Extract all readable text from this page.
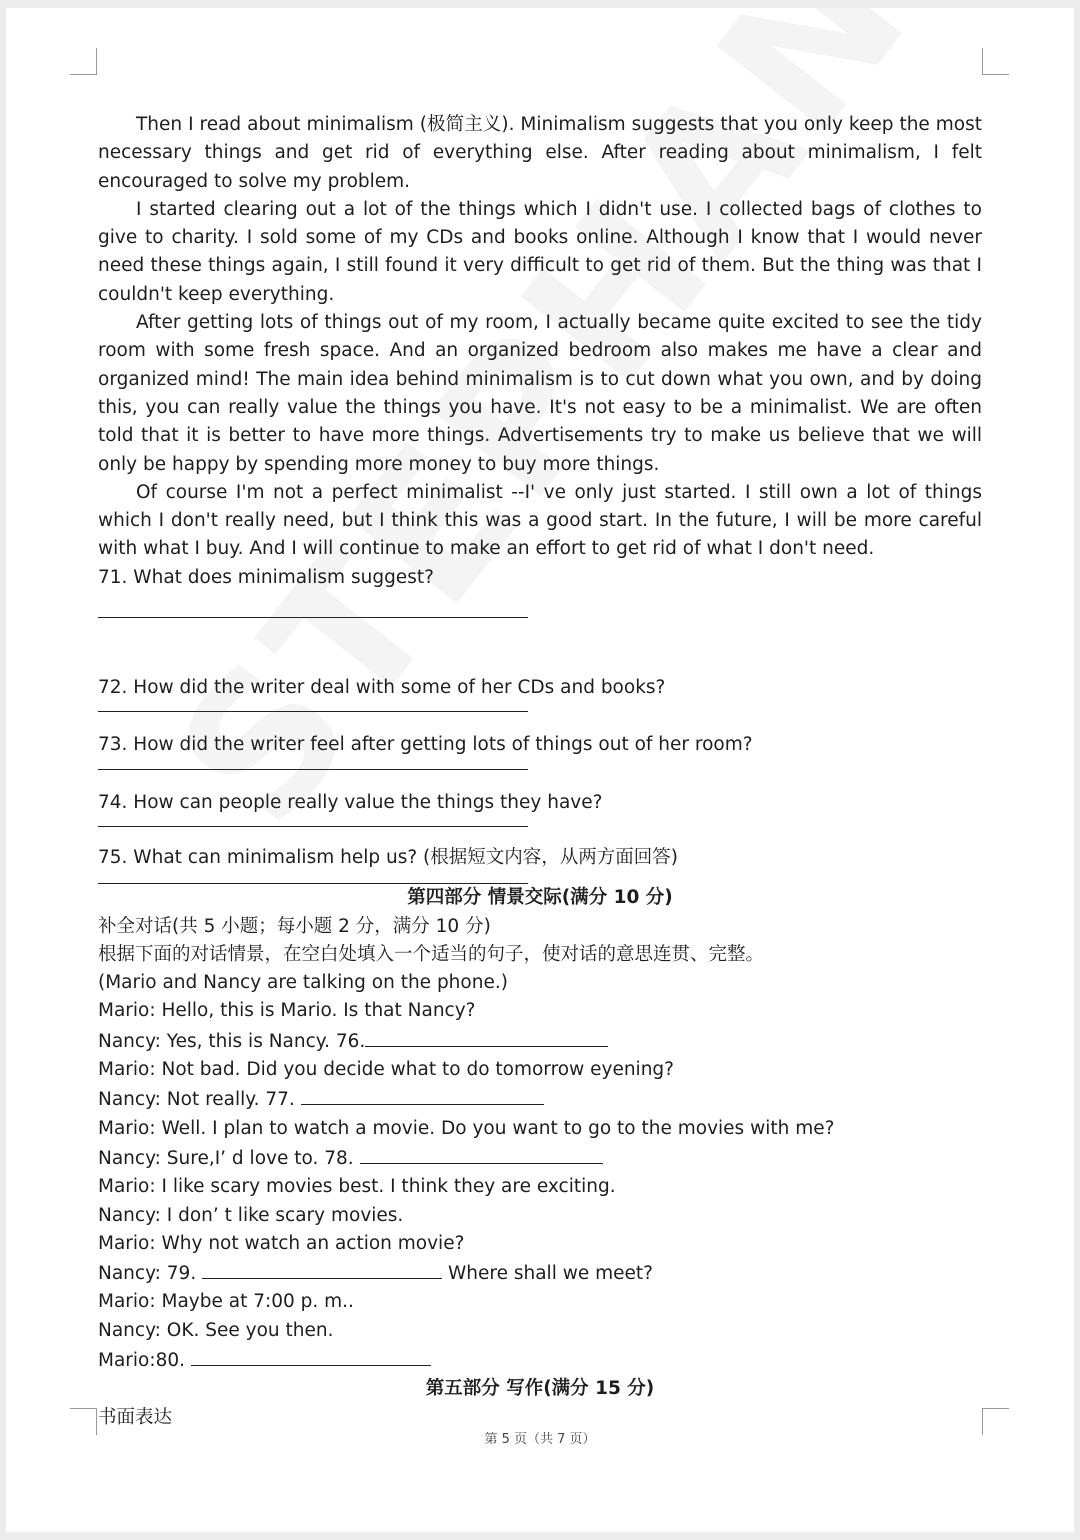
Then I read about minimalism (极简主义). Minimalism suggests that you only keep the most necessary things and get rid of everything else. After reading about minimalism, I felt encouraged to solve my problem.

I started clearing out a lot of the things which I didn't use. I collected bags of clothes to give to charity. I sold some of my CDs and books online. Although I know that I would never need these things again, I still found it very difficult to get rid of them. But the thing was that I couldn't keep everything.

After getting lots of things out of my room, I actually became quite excited to see the tidy room with some fresh space. And an organized bedroom also makes me have a clear and organized mind! The main idea behind minimalism is to cut down what you own, and by doing this, you can really value the things you have. It's not easy to be a minimalist. We are often told that it is better to have more things. Advertisements try to make us believe that we will only be happy by spending more money to buy more things.

Of course I'm not a perfect minimalist --I' ve only just started. I still own a lot of things which I don't really need, but I think this was a good start. In the future, I will be more careful with what I buy. And I will continue to make an effort to get rid of what I don't need.

71. What does minimalism suggest?

72. How did the writer deal with some of her CDs and books?

73. How did the writer feel after getting lots of things out of her room?

74. How can people really value the things they have?

75. What can minimalism help us? (根据短文内容，从两方面回答)

第四部分 情景交际(满分 10 分)

补全对话(共 5 小题；每小题 2 分，满分 10 分)

根据下面的对话情景，在空白处填入一个适当的句子，使对话的意思连贯、完整。

(Mario and Nancy are talking on the phone.)

Mario: Hello, this is Mario. Is that Nancy?

Nancy: Yes, this is Nancy. 76.

Mario: Not bad. Did you decide what to do tomorrow eyening?

Nancy: Not really. 77.

Mario: Well. I plan to watch a movie. Do you want to go to the movies with me?

Nancy: Sure,I’ d love to. 78.

Mario: I like scary movies best. I think they are exciting.

Nancy: I don’ t like scary movies.

Mario: Why not watch an action movie?

Nancy: 79.	Where shall we meet?

Mario: Maybe at 7:00 p. m..

Nancy: OK. See you then.

Mario:80.

第五部分 写作(满分 15 分)

书面表达

第 5 页（共 7 页）
